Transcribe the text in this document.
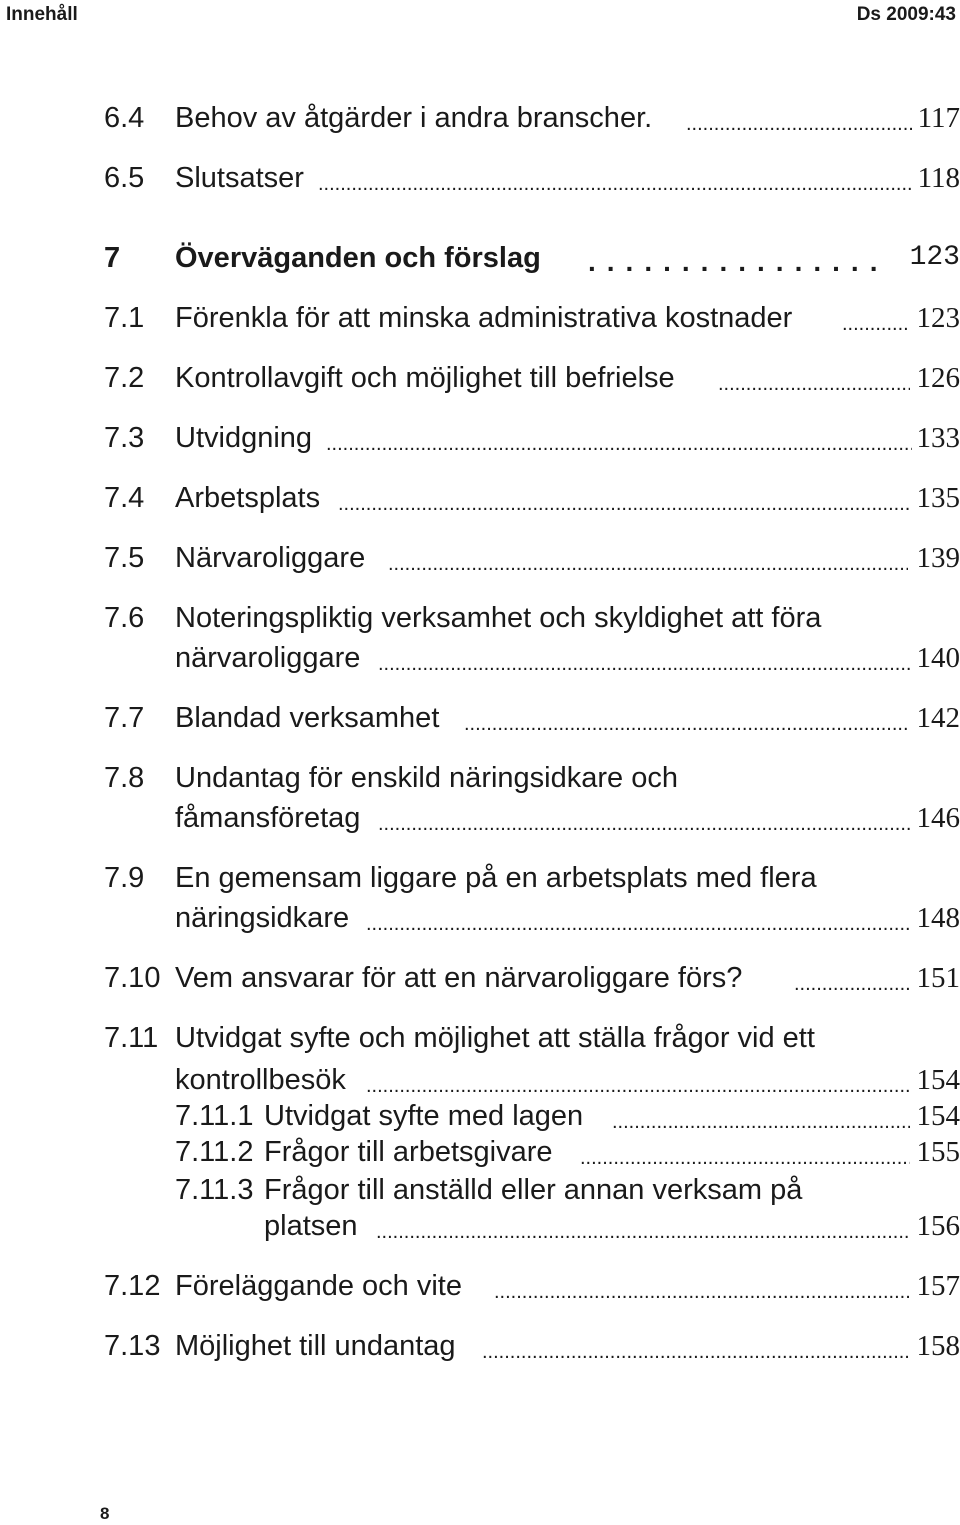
Innehåll	Ds 2009:43
6.4 Behov av åtgärder i andra branscher. .....	117
6.5 Slutsatser .....	118
7 Överväganden och förslag .....	123
7.1 Förenkla för att minska administrativa kostnader .....	123
7.2 Kontrollavgift och möjlighet till befrielse .....	126
7.3 Utvidgning .....	133
7.4 Arbetsplats .....	135
7.5 Närvaroliggare .....	139
7.6 Noteringspliktig verksamhet och skyldighet att föra
närvaroliggare .....	140
7.7 Blandad verksamhet .....	142
7.8 Undantag för enskild näringsidkare och
fåmansföretag .....	146
7.9 En gemensam liggare på en arbetsplats med flera
näringsidkare .....	148
7.10 Vem ansvarar för att en närvaroliggare förs? .....	151
7.11 Utvidgat syfte och möjlighet att ställa frågor vid ett
kontrollbesök .....	154
7.11.1 Utvidgat syfte med lagen .....	154
7.11.2 Frågor till arbetsgivare .....	155
7.11.3 Frågor till anställd eller annan verksam på
platsen .....	156
7.12 Föreläggande och vite .....	157
7.13 Möjlighet till undantag .....	158
8
